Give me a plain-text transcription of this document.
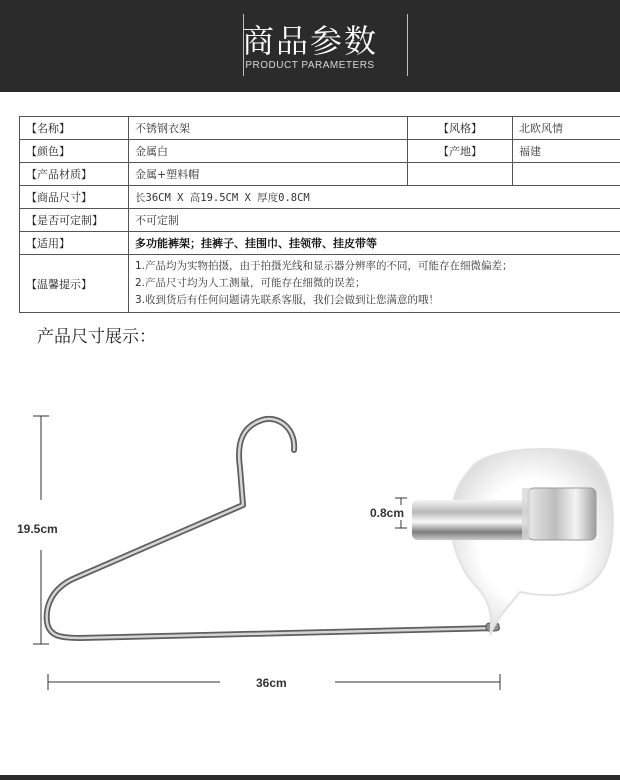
商品参数
PRODUCT PARAMETERS
【名称】	不锈钢衣架	【风格】	北欧风情
【颜色】	金属白	【产地】	福建
【产品材质】	金属+塑料帽		
【商品尺寸】	长36CM X 高19.5CM X 厚度0.8CM		
【是否可定制】	不可定制		
【适用】	多功能裤架；挂裤子、挂围巾、挂领带、挂皮带等		
【温馨提示】	1.产品均为实物拍摄，由于拍摄光线和显示器分辨率的不同，可能存在细微偏差；
2.产品尺寸均为人工测量，可能存在细微的误差；
3.收到货后有任何问题请先联系客服，我们会做到让您满意的哦！		
产品尺寸展示：
19.5cm
36cm
0.8cm
